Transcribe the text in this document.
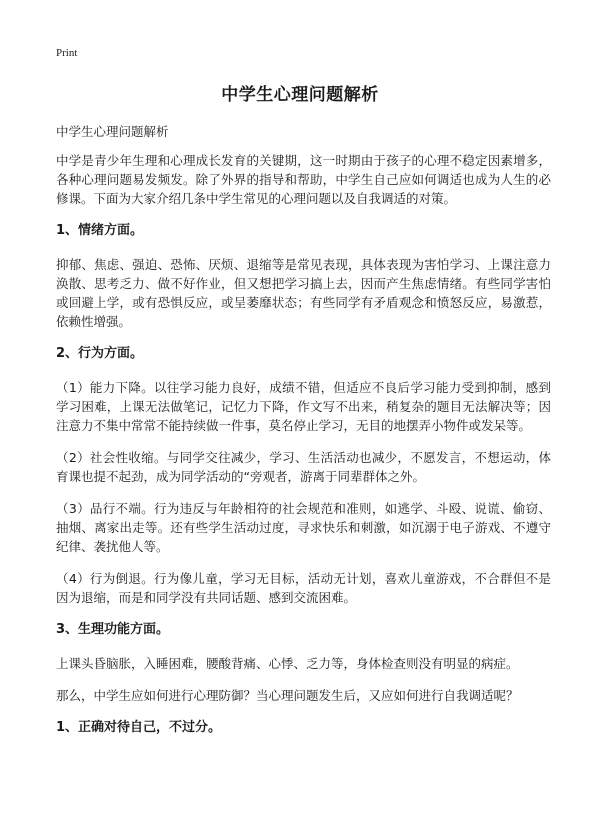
Print
中学生心理问题解析

中学生心理问题解析

中学是青少年生理和心理成长发育的关键期，这一时期由于孩子的心理不稳定因素增多，各种心理问题易发频发。除了外界的指导和帮助，中学生自己应如何调适也成为人生的必修课。下面为大家介绍几条中学生常见的心理问题以及自我调适的对策。

1、情绪方面。

抑郁、焦虑、强迫、恐怖、厌烦、退缩等是常见表现，具体表现为害怕学习、上课注意力涣散、思考乏力、做不好作业，但又想把学习搞上去，因而产生焦虑情绪。有些同学害怕或回避上学，或有恐惧反应，或呈萎靡状态；有些同学有矛盾观念和愤怒反应，易激惹，依赖性增强。

2、行为方面。

（1）能力下降。以往学习能力良好，成绩不错，但适应不良后学习能力受到抑制，感到学习困难，上课无法做笔记，记忆力下降，作文写不出来，稍复杂的题目无法解决等；因注意力不集中常常不能持续做一件事，莫名停止学习，无目的地摆弄小物件或发呆等。

（2）社会性收缩。与同学交往减少，学习、生活活动也减少，不愿发言，不想运动，体育课也提不起劲，成为同学活动的“旁观者，游离于同辈群体之外。

（3）品行不端。行为违反与年龄相符的社会规范和准则，如逃学、斗殴、说谎、偷窃、抽烟、离家出走等。还有些学生活动过度，寻求快乐和刺激，如沉溺于电子游戏、不遵守纪律、袭扰他人等。

（4）行为倒退。行为像儿童，学习无目标，活动无计划，喜欢儿童游戏，不合群但不是因为退缩，而是和同学没有共同话题、感到交流困难。

3、生理功能方面。

上课头昏脑胀，入睡困难，腰酸背痛、心悸、乏力等，身体检查则没有明显的病症。

那么，中学生应如何进行心理防御？当心理问题发生后，又应如何进行自我调适呢？

1、正确对待自己，不过分。
